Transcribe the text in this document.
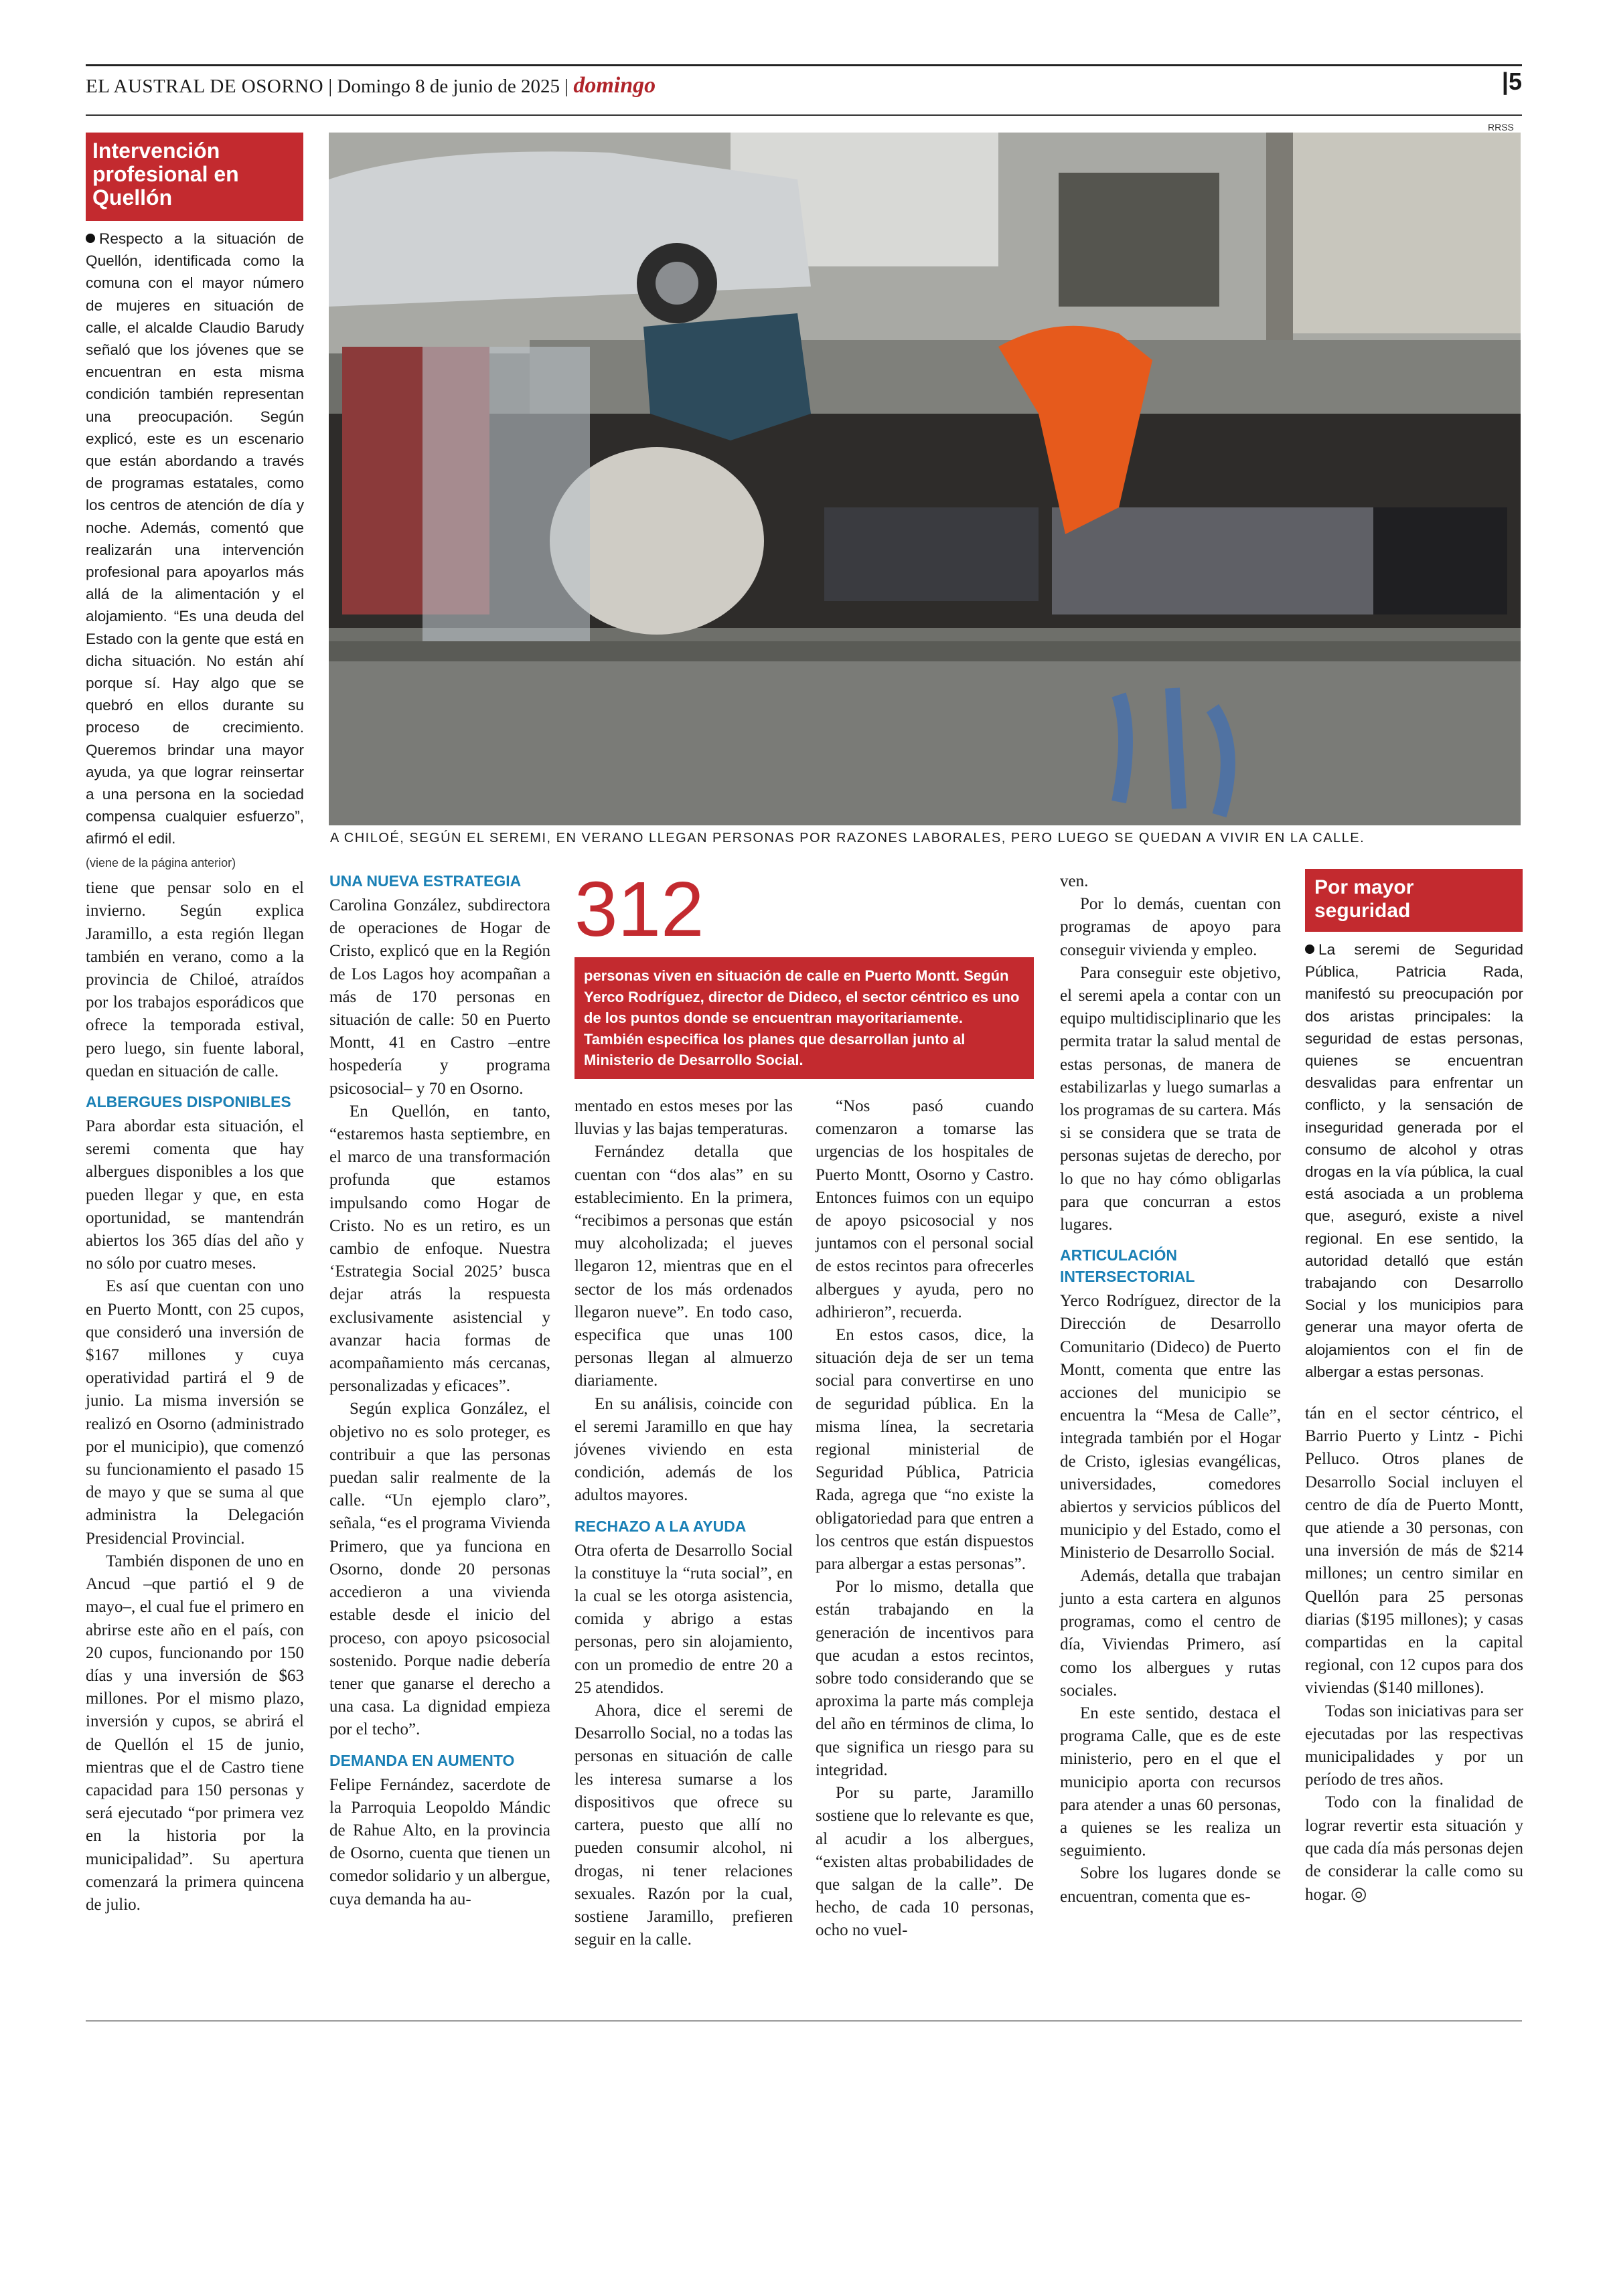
EL AUSTRAL DE OSORNO | Domingo 8 de junio de 2025 | domingo	|5
Intervención profesional en Quellón
Respecto a la situación de Quellón, identificada como la comuna con el mayor número de mujeres en situación de calle, el alcalde Claudio Barudy señaló que los jóvenes que se encuentran en esta misma condición también representan una preocupación. Según explicó, este es un escenario que están abordando a través de programas estatales, como los centros de atención de día y noche. Además, comentó que realizarán una intervención profesional para apoyarlos más allá de la alimentación y el alojamiento. “Es una deuda del Estado con la gente que está en dicha situación. No están ahí porque sí. Hay algo que se quebró en ellos durante su proceso de crecimiento. Queremos brindar una mayor ayuda, ya que lograr reinsertar a una persona en la sociedad compensa cualquier esfuerzo”, afirmó el edil.
RRSS
A CHILOÉ, SEGÚN EL SEREMI, EN VERANO LLEGAN PERSONAS POR RAZONES LABORALES, PERO LUEGO SE QUEDAN A VIVIR EN LA CALLE.
(viene de la página anterior)

tiene que pensar solo en el invierno. Según explica Jaramillo, a esta región llegan también en verano, como a la provincia de Chiloé, atraídos por los trabajos esporádicos que ofrece la temporada estival, pero luego, sin fuente laboral, quedan en situación de calle.

ALBERGUES DISPONIBLES

Para abordar esta situación, el seremi comenta que hay albergues disponibles a los que pueden llegar y que, en esta oportunidad, se mantendrán abiertos los 365 días del año y no sólo por cuatro meses.

Es así que cuentan con uno en Puerto Montt, con 25 cupos, que consideró una inversión de $167 millones y cuya operatividad partirá el 9 de junio. La misma inversión se realizó en Osorno (administrado por el municipio), que comenzó su funcionamiento el pasado 15 de mayo y que se suma al que administra la Delegación Presidencial Provincial.

También disponen de uno en Ancud –que partió el 9 de mayo–, el cual fue el primero en abrirse este año en el país, con 20 cupos, funcionando por 150 días y una inversión de $63 millones. Por el mismo plazo, inversión y cupos, se abrirá el de Quellón el 15 de junio, mientras que el de Castro tiene capacidad para 150 personas y será ejecutado “por primera vez en la historia por la municipalidad”. Su apertura comenzará la primera quincena de julio.

UNA NUEVA ESTRATEGIA

Carolina González, subdirectora de operaciones de Hogar de Cristo, explicó que en la Región de Los Lagos hoy acompañan a más de 170 personas en situación de calle: 50 en Puerto Montt, 41 en Castro –entre hospedería y programa psicosocial– y 70 en Osorno.

En Quellón, en tanto, “estaremos hasta septiembre, en el marco de una transformación profunda que estamos impulsando como Hogar de Cristo. No es un retiro, es un cambio de enfoque. Nuestra ‘Estrategia Social 2025’ busca dejar atrás la respuesta exclusivamente asistencial y avanzar hacia formas de acompañamiento más cercanas, personalizadas y eficaces”.

Según explica González, el objetivo no es solo proteger, es contribuir a que las personas puedan salir realmente de la calle. “Un ejemplo claro”, señala, “es el programa Vivienda Primero, que ya funciona en Osorno, donde 20 personas accedieron a una vivienda estable desde el inicio del proceso, con apoyo psicosocial sostenido. Porque nadie debería tener que ganarse el derecho a una casa. La dignidad empieza por el techo”.

DEMANDA EN AUMENTO

Felipe Fernández, sacerdote de la Parroquia Leopoldo Mándic de Rahue Alto, en la provincia de Osorno, cuenta que tienen un comedor solidario y un albergue, cuya demanda ha au-

312
personas viven en situación de calle en Puerto Montt. Según Yerco Rodríguez, director de Dideco, el sector céntrico es uno de los puntos donde se encuentran mayoritariamente. También especifica los planes que desarrollan junto al Ministerio de Desarrollo Social.

mentado en estos meses por las lluvias y las bajas temperaturas.

Fernández detalla que cuentan con “dos alas” en su establecimiento. En la primera, “recibimos a personas que están muy alcoholizada; el jueves llegaron 12, mientras que en el sector de los más ordenados llegaron nueve”. En todo caso, especifica que unas 100 personas llegan al almuerzo diariamente.

En su análisis, coincide con el seremi Jaramillo en que hay jóvenes viviendo en esta condición, además de los adultos mayores.

RECHAZO A LA AYUDA

Otra oferta de Desarrollo Social la constituye la “ruta social”, en la cual se les otorga asistencia, comida y abrigo a estas personas, pero sin alojamiento, con un promedio de entre 20 a 25 atendidos.

Ahora, dice el seremi de Desarrollo Social, no a todas las personas en situación de calle les interesa sumarse a los dispositivos que ofrece su cartera, puesto que allí no pueden consumir alcohol, ni drogas, ni tener relaciones sexuales. Razón por la cual, sostiene Jaramillo, prefieren seguir en la calle.

“Nos pasó cuando comenzaron a tomarse las urgencias de los hospitales de Puerto Montt, Osorno y Castro. Entonces fuimos con un equipo de apoyo psicosocial y nos juntamos con el personal social de estos recintos para ofrecerles albergues y ayuda, pero no adhirieron”, recuerda.

En estos casos, dice, la situación deja de ser un tema social para convertirse en uno de seguridad pública. En la misma línea, la secretaria regional ministerial de Seguridad Pública, Patricia Rada, agrega que “no existe la obligatoriedad para que entren a los centros que están dispuestos para albergar a estas personas”.

Por lo mismo, detalla que están trabajando en la generación de incentivos para que acudan a estos recintos, sobre todo considerando que se aproxima la parte más compleja del año en términos de clima, lo que significa un riesgo para su integridad.

Por su parte, Jaramillo sostiene que lo relevante es que, al acudir a los albergues, “existen altas probabilidades de que salgan de la calle”. De hecho, de cada 10 personas, ocho no vuel-

ven.

Por lo demás, cuentan con programas de apoyo para conseguir vivienda y empleo.

Para conseguir este objetivo, el seremi apela a contar con un equipo multidisciplinario que les permita tratar la salud mental de estas personas, de manera de estabilizarlas y luego sumarlas a los programas de su cartera. Más si se considera que se trata de personas sujetas de derecho, por lo que no hay cómo obligarlas para que concurran a estos lugares.

ARTICULACIÓN INTERSECTORIAL

Yerco Rodríguez, director de la Dirección de Desarrollo Comunitario (Dideco) de Puerto Montt, comenta que entre las acciones del municipio se encuentra la “Mesa de Calle”, integrada también por el Hogar de Cristo, iglesias evangélicas, universidades, comedores abiertos y servicios públicos del municipio y del Estado, como el Ministerio de Desarrollo Social.

Además, detalla que trabajan junto a esta cartera en algunos programas, como el centro de día, Viviendas Primero, así como los albergues y rutas sociales.

En este sentido, destaca el programa Calle, que es de este ministerio, pero en el que el municipio aporta con recursos para atender a unas 60 personas, a quienes se les realiza un seguimiento.

Sobre los lugares donde se encuentran, comenta que es-

Por mayor seguridad
La seremi de Seguridad Pública, Patricia Rada, manifestó su preocupación por dos aristas principales: la seguridad de estas personas, quienes se encuentran desvalidas para enfrentar un conflicto, y la sensación de inseguridad generada por el consumo de alcohol y otras drogas en la vía pública, la cual está asociada a un problema que, aseguró, existe a nivel regional. En ese sentido, la autoridad detalló que están trabajando con Desarrollo Social y los municipios para generar una mayor oferta de alojamientos con el fin de albergar a estas personas.

tán en el sector céntrico, el Barrio Puerto y Lintz - Pichi Pelluco. Otros planes de Desarrollo Social incluyen el centro de día de Puerto Montt, que atiende a 30 personas, con una inversión de más de $214 millones; un centro similar en Quellón para 25 personas diarias ($195 millones); y casas compartidas en la capital regional, con 12 cupos para dos viviendas ($140 millones).

Todas son iniciativas para ser ejecutadas por las respectivas municipalidades y por un período de tres años.

Todo con la finalidad de lograr revertir esta situación y que cada día más personas dejen de considerar la calle como su hogar. ◎
